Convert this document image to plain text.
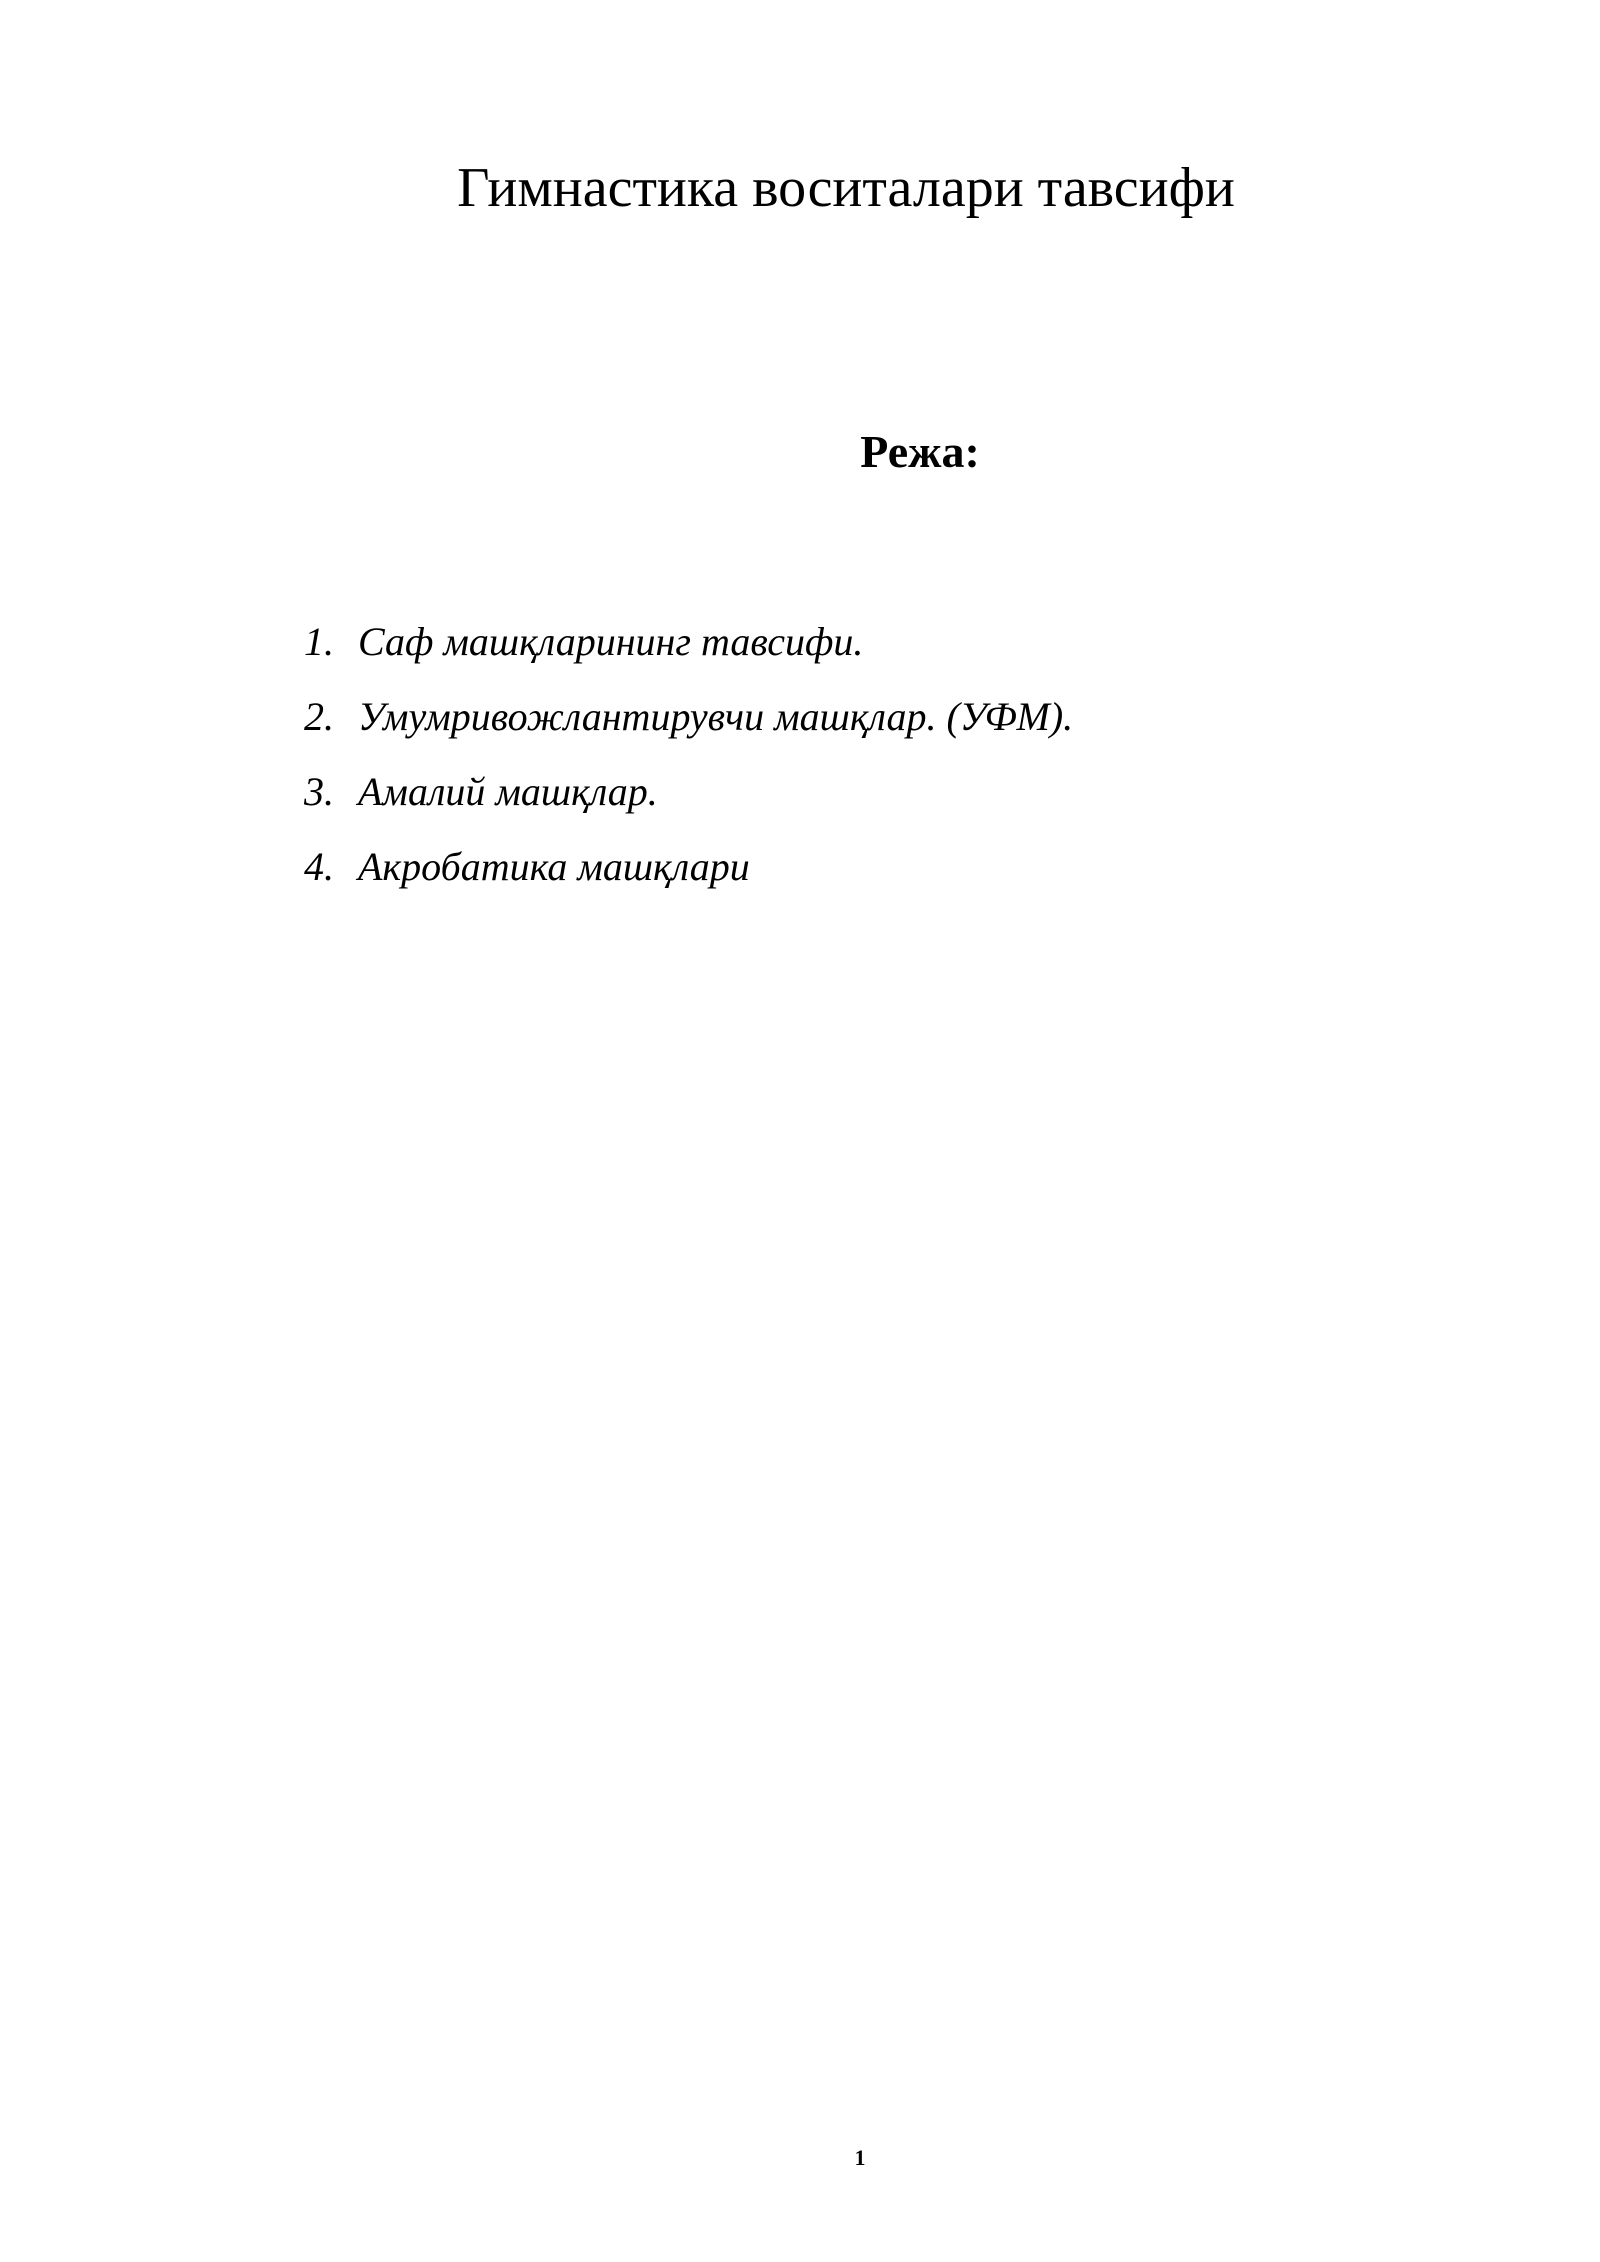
Гимнастика воситалари тавсифи
Режа:
1. Саф машқларининг тавсифи.
2. Умумривожлантирувчи машқлар. (УФМ).
3. Амалий машқлар.
4. Акробатика машқлари
1
